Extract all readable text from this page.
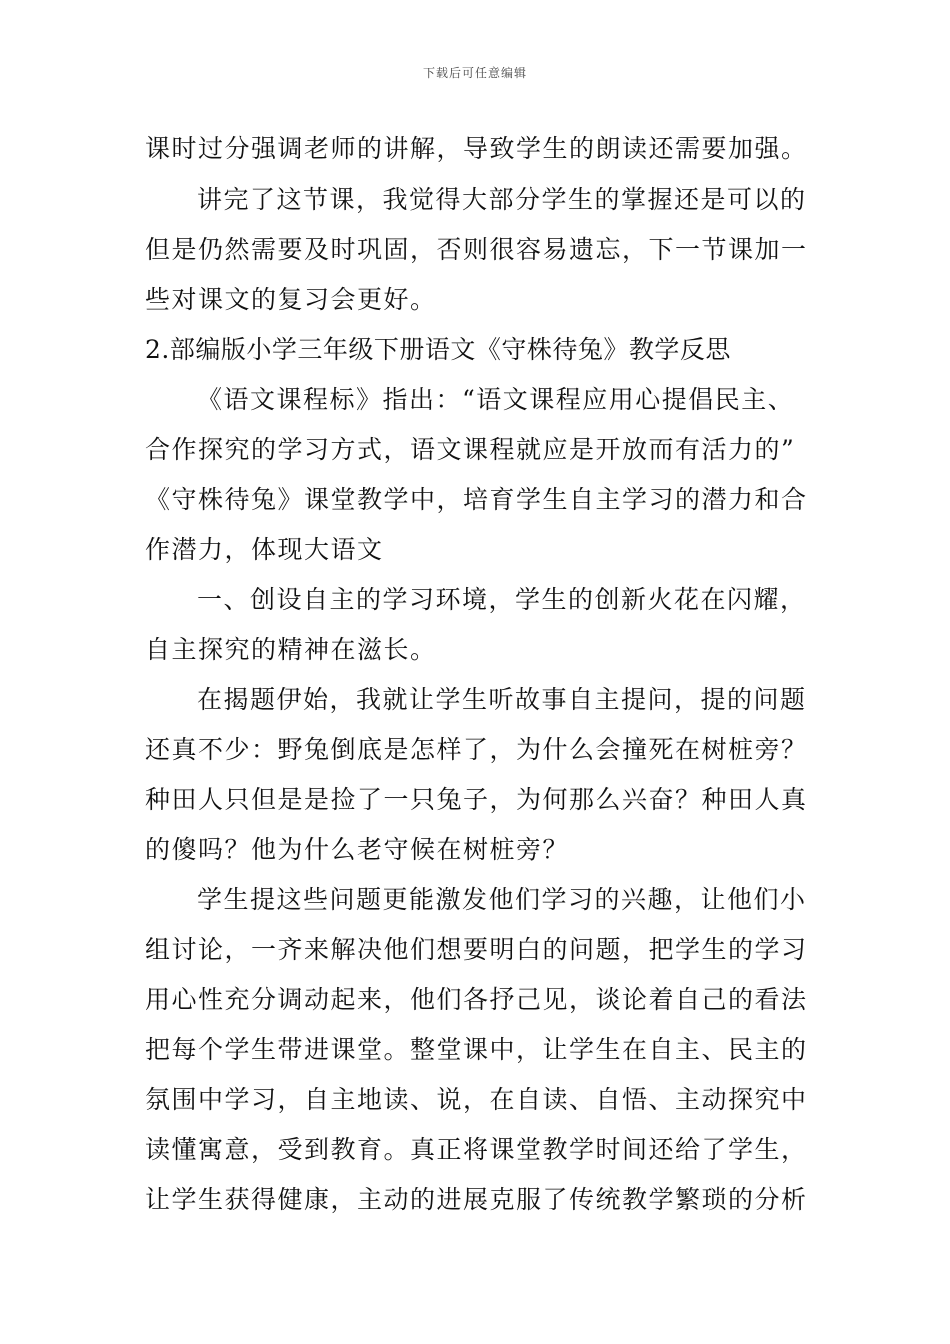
下载后可任意编辑
课时过分强调老师的讲解，导致学生的朗读还需要加强。
讲完了这节课，我觉得大部分学生的掌握还是可以的
但是仍然需要及时巩固，否则很容易遗忘，下一节课加一
些对课文的复习会更好。
2.部编版小学三年级下册语文《守株待兔》教学反思
《语文课程标》指出：“语文课程应用心提倡民主、
合作探究的学习方式，语文课程就应是开放而有活力的”
《守株待兔》课堂教学中，培育学生自主学习的潜力和合
作潜力，体现大语文
一、创设自主的学习环境，学生的创新火花在闪耀，
自主探究的精神在滋长。
在揭题伊始，我就让学生听故事自主提问，提的问题
还真不少：野兔倒底是怎样了，为什么会撞死在树桩旁？
种田人只但是是捡了一只兔子，为何那么兴奋？种田人真
的傻吗？他为什么老守候在树桩旁？
学生提这些问题更能激发他们学习的兴趣，让他们小
组讨论，一齐来解决他们想要明白的问题，把学生的学习
用心性充分调动起来，他们各抒己见，谈论着自己的看法
把每个学生带进课堂。整堂课中，让学生在自主、民主的
氛围中学习，自主地读、说，在自读、自悟、主动探究中
读懂寓意，受到教育。真正将课堂教学时间还给了学生，
让学生获得健康，主动的进展克服了传统教学繁琐的分析
